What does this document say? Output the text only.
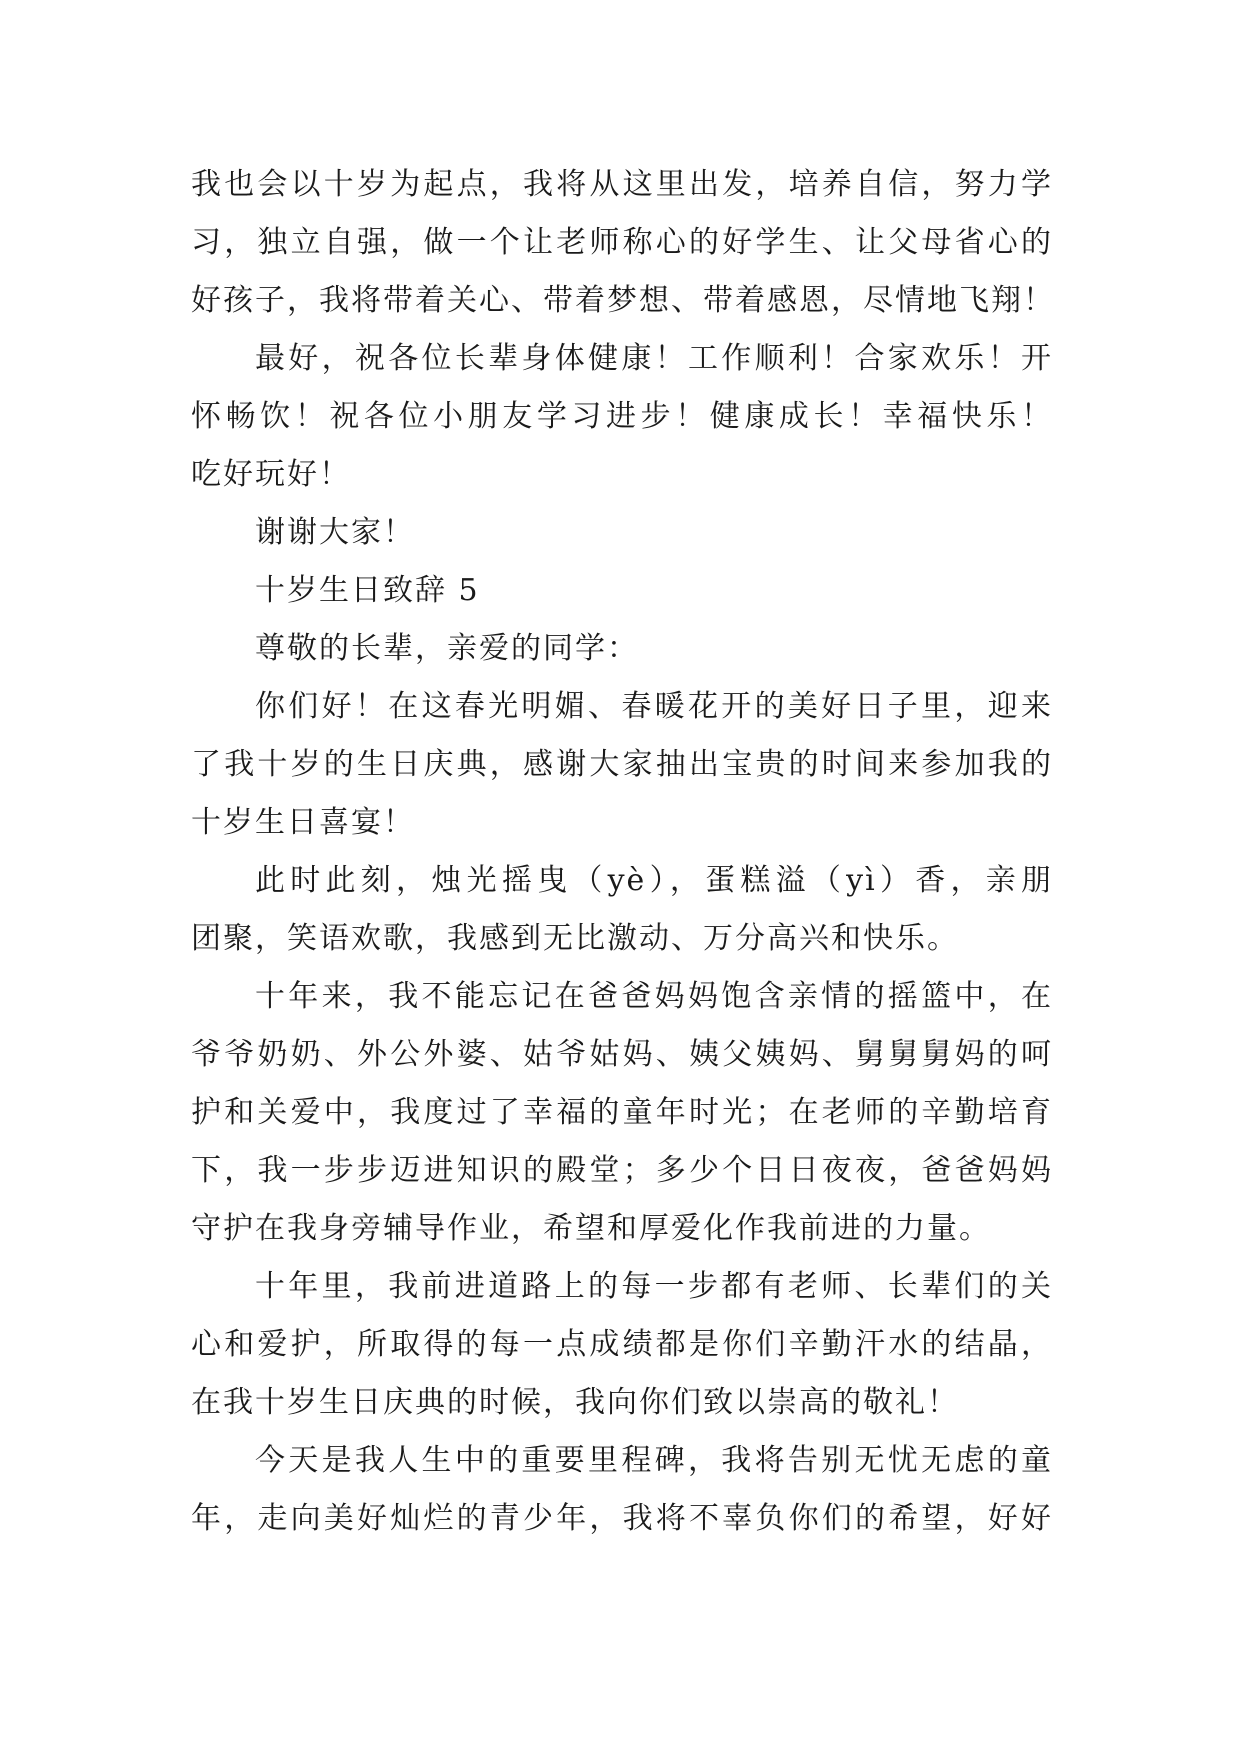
我也会以十岁为起点，我将从这里出发，培养自信，努力学
习，独立自强，做一个让老师称心的好学生、让父母省心的
好孩子，我将带着关心、带着梦想、带着感恩，尽情地飞翔！
最好，祝各位长辈身体健康！工作顺利！合家欢乐！开
怀畅饮！祝各位小朋友学习进步！健康成长！幸福快乐！
吃好玩好！
谢谢大家！
十岁生日致辞 5
尊敬的长辈，亲爱的同学：
你们好！在这春光明媚、春暖花开的美好日子里，迎来
了我十岁的生日庆典，感谢大家抽出宝贵的时间来参加我的
十岁生日喜宴！
此时此刻，烛光摇曳（yè），蛋糕溢（yì）香，亲朋
团聚，笑语欢歌，我感到无比激动、万分高兴和快乐。
十年来，我不能忘记在爸爸妈妈饱含亲情的摇篮中，在
爷爷奶奶、外公外婆、姑爷姑妈、姨父姨妈、舅舅舅妈的呵
护和关爱中，我度过了幸福的童年时光；在老师的辛勤培育
下，我一步步迈进知识的殿堂；多少个日日夜夜，爸爸妈妈
守护在我身旁辅导作业，希望和厚爱化作我前进的力量。
十年里，我前进道路上的每一步都有老师、长辈们的关
心和爱护，所取得的每一点成绩都是你们辛勤汗水的结晶，
在我十岁生日庆典的时候，我向你们致以崇高的敬礼！
今天是我人生中的重要里程碑，我将告别无忧无虑的童
年，走向美好灿烂的青少年，我将不辜负你们的希望，好好
